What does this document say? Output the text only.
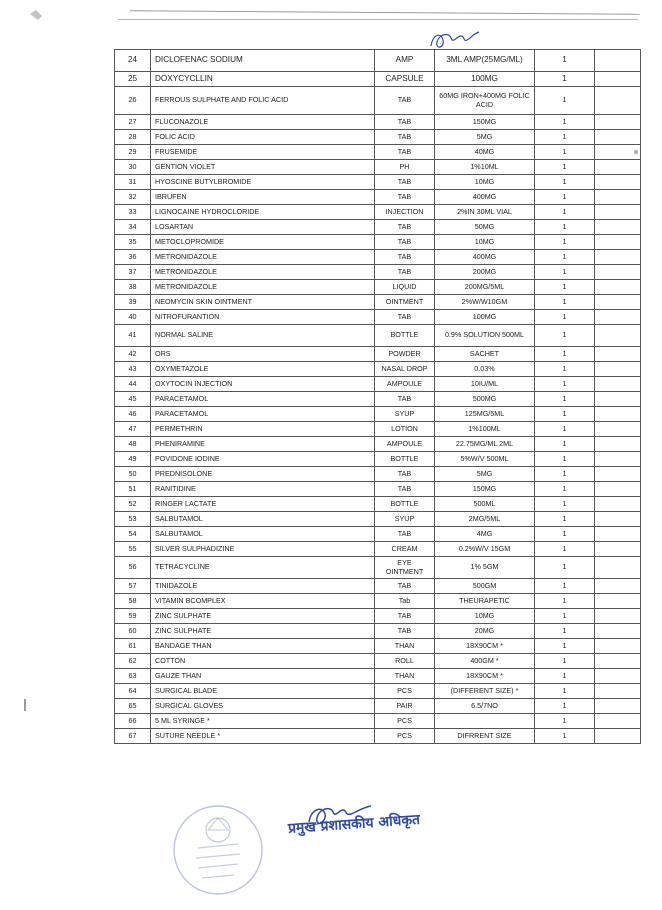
24	DICLOFENAC SODIUM	AMP	3ML AMP(25MG/ML)	1	
25	DOXYCYCLLIN	CAPSULE	100MG	1	
26	FERROUS SULPHATE AND FOLIC ACID	TAB	60MG IRON+400MG FOLIC ACID	1	
27	FLUCONAZOLE	TAB	150MG	1	
28	FOLIC ACID	TAB	5MG	1	
29	FRUSEMIDE	TAB	40MG	1	
30	GENTION VIOLET	PH	1%10ML	1	
31	HYOSCINE BUTYLBROMIDE	TAB	10MG	1	
32	IBRUFEN	TAB	400MG	1	
33	LIGNOCAINE HYDROCLORIDE	INJECTION	2%IN 30ML VIAL	1	
34	LOSARTAN	TAB	50MG	1	
35	METOCLOPROMIDE	TAB	10MG	1	
36	METRONIDAZOLE	TAB	400MG	1	
37	METRONIDAZOLE	TAB	200MG	1	
38	METRONIDAZOLE	LIQUID	200MG/5ML	1	
39	NEOMYCIN SKIN OINTMENT	OINTMENT	2%W/W10GM	1	
40	NITROFURANTION	TAB	100MG	1	
41	NORMAL SALINE	BOTTLE	0.9% SOLUTION 500ML	1	
42	ORS	POWDER	SACHET	1	
43	OXYMETAZOLE	NASAL DROP	0.03%	1	
44	OXYTOCIN INJECTION	AMPOULE	10IU/ML	1	
45	PARACETAMOL	TAB	500MG	1	
46	PARACETAMOL	SYUP	125MG/5ML	1	
47	PERMETHRIN	LOTION	1%100ML	1	
48	PHENIRAMINE	AMPOULE	22.75MG/ML 2ML	1	
49	POVIDONE IODINE	BOTTLE	5%W/V 500ML	1	
50	PREDNISOLONE	TAB	5MG	1	
51	RANITIDINE	TAB	150MG	1	
52	RINGER LACTATE	BOTTLE	500ML	1	
53	SALBUTAMOL	SYUP	2MG/5ML	1	
54	SALBUTAMOL	TAB	4MG	1	
55	SILVER SULPHADIZINE	CREAM	0.2%W/V 15GM	1	
56	TETRACYCLINE	EYE OINTMENT	1% 5GM	1	
57	TINIDAZOLE	TAB	500GM	1	
58	VITAMIN BCOMPLEX	Tab	THEURAPETIC	1	
59	ZINC SULPHATE	TAB	10MG	1	
60	ZINC SULPHATE	TAB	20MG	1	
61	BANDAGE THAN	THAN	18X90CM *	1	
62	COTTON	ROLL	400GM *	1	
63	GAUZE THAN	THAN	18X90CM *	1	
64	SURGICAL BLADE	PCS	(DIFFERENT SIZE) *	1	
65	SURGICAL GLOVES	PAIR	6.5/7NO	1	
66	5 ML SYRINGE *	PCS		1	
67	SUTURE NEEDLE *	PCS	DIFRRENT SIZE	1	
प्रमुख प्रशासकीय अधिकृत
